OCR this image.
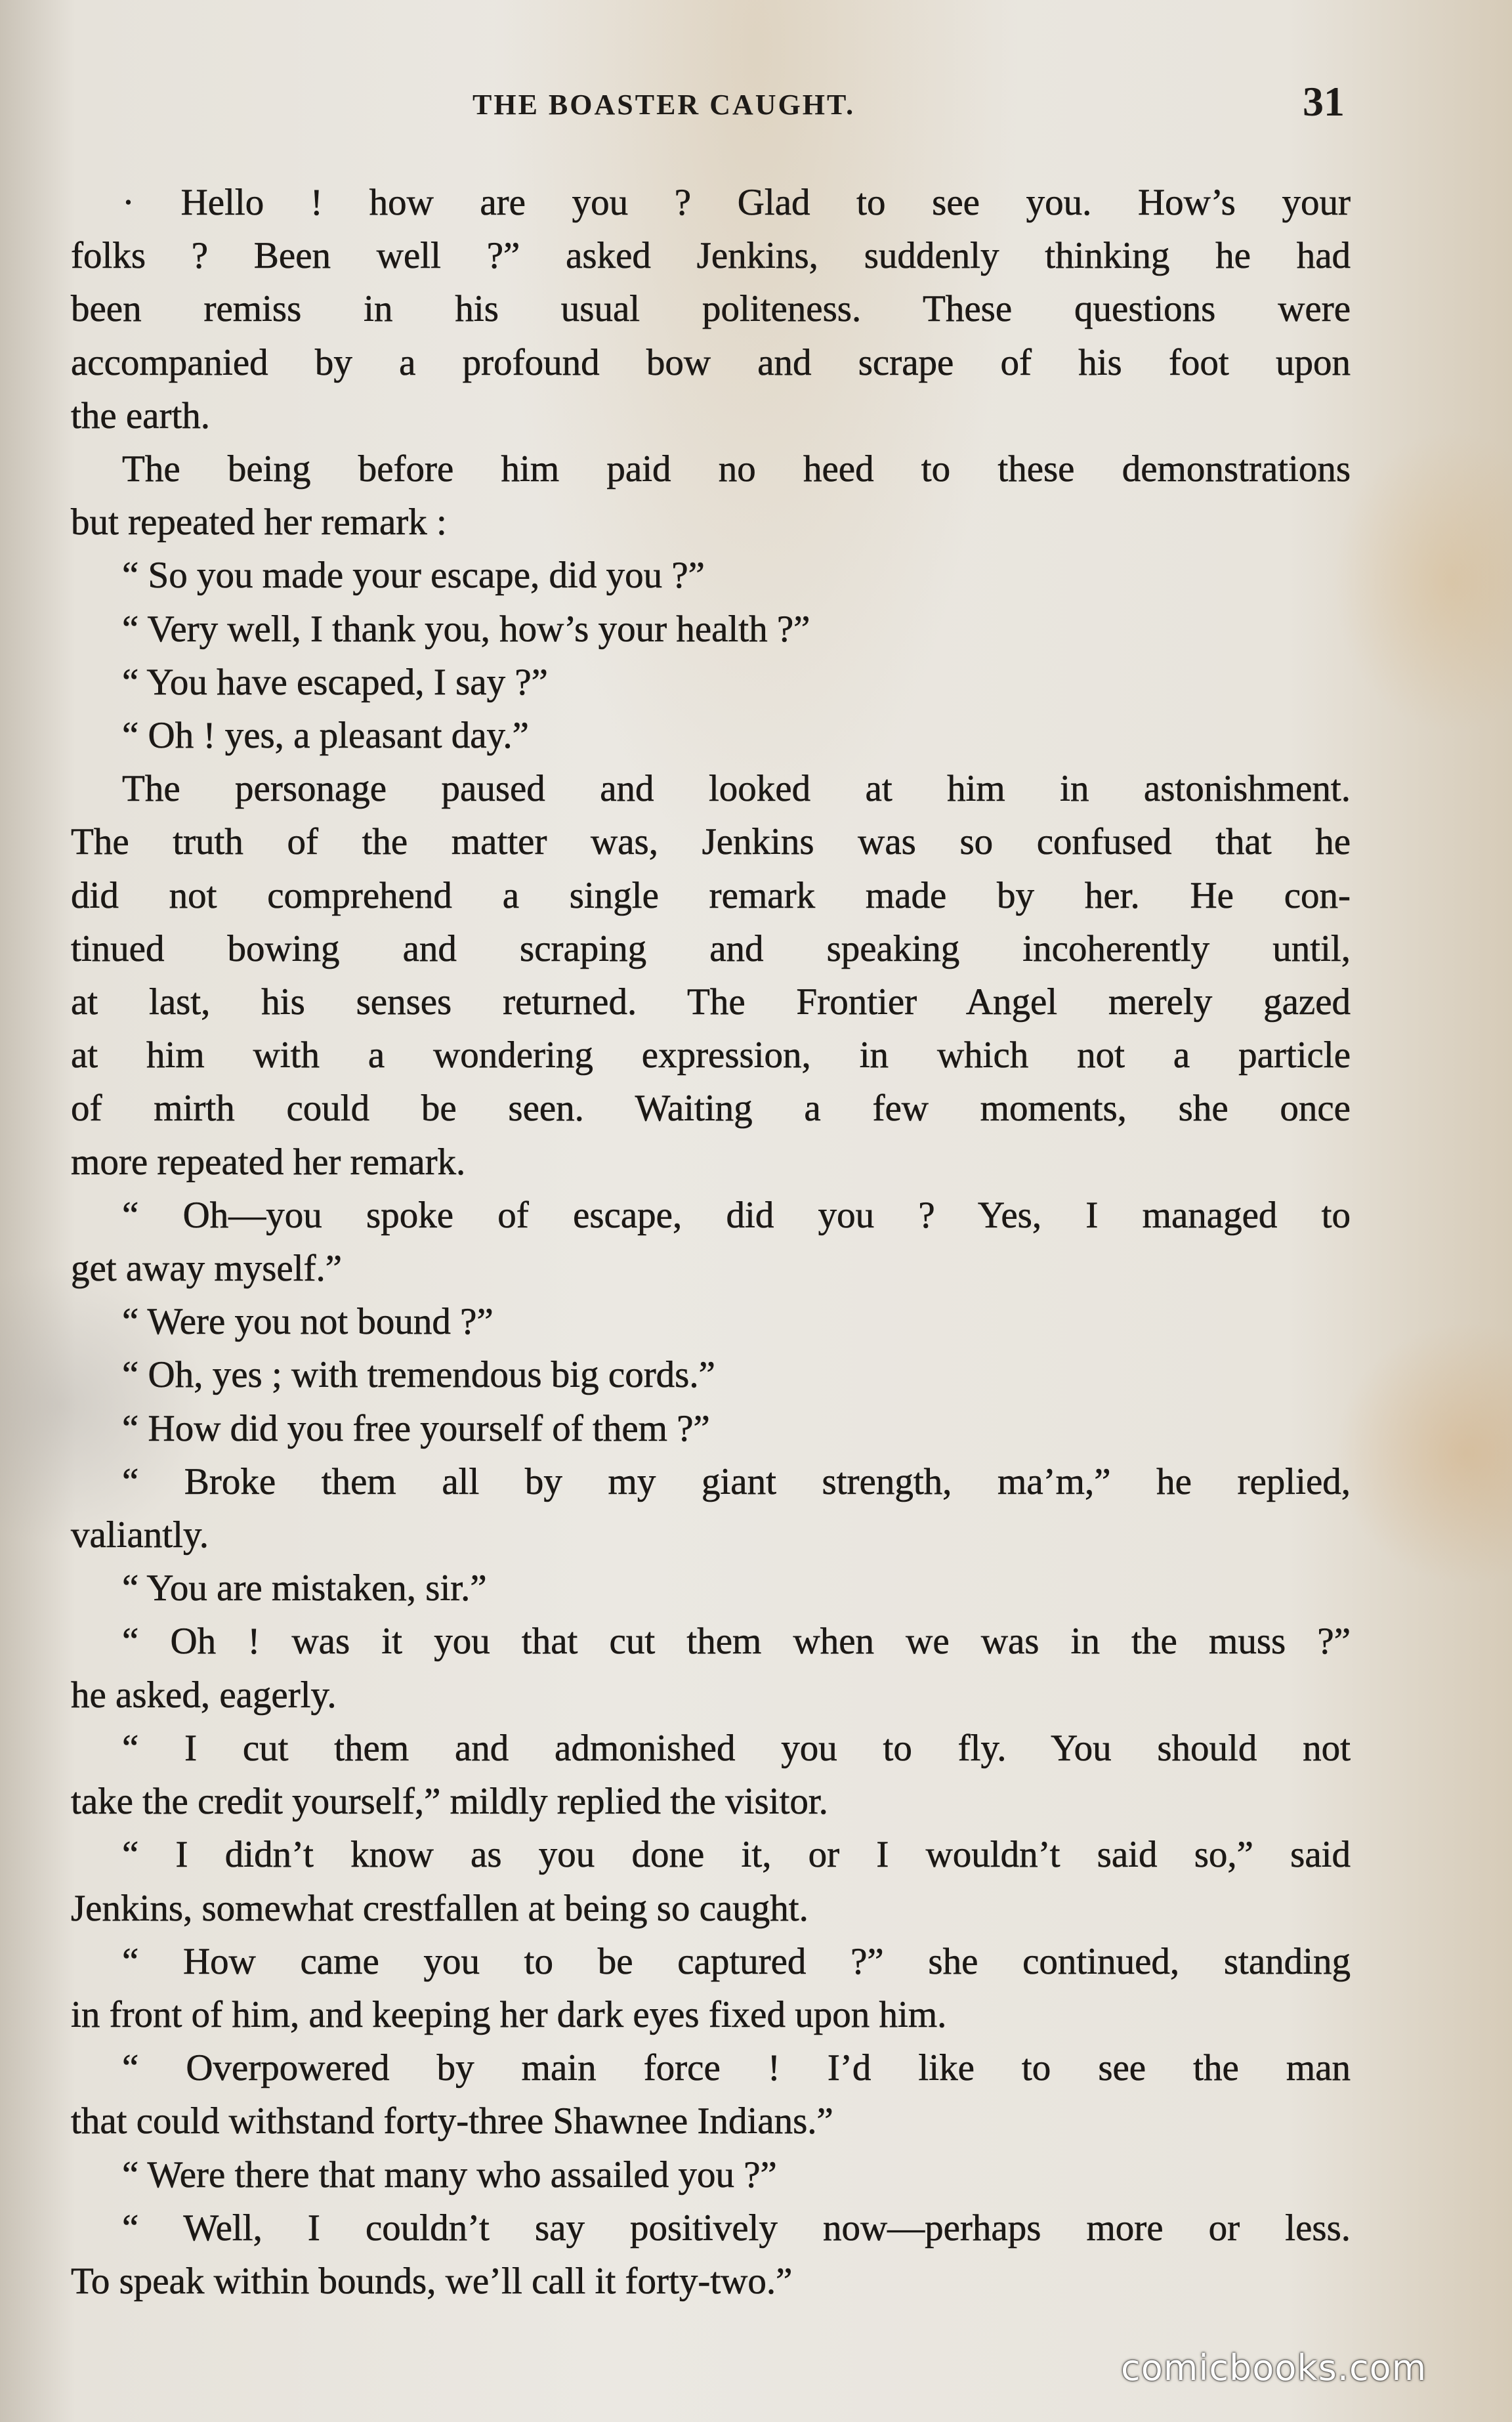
THE BOASTER CAUGHT.	31
· Hello ! how are you ? Glad to see you. How’s your
folks ? Been well ?” asked Jenkins, suddenly thinking he had
been remiss in his usual politeness. These questions were
accompanied by a profound bow and scrape of his foot upon
the earth.
The being before him paid no heed to these demonstrations
but repeated her remark :
“ So you made your escape, did you ?”
“ Very well, I thank you, how’s your health ?”
“ You have escaped, I say ?”
“ Oh ! yes, a pleasant day.”
The personage paused and looked at him in astonishment.
The truth of the matter was, Jenkins was so confused that he
did not comprehend a single remark made by her. He con-
tinued bowing and scraping and speaking incoherently until,
at last, his senses returned. The Frontier Angel merely gazed
at him with a wondering expression, in which not a particle
of mirth could be seen. Waiting a few moments, she once
more repeated her remark.
“ Oh—you spoke of escape, did you ? Yes, I managed to
get away myself.”
“ Were you not bound ?”
“ Oh, yes ; with tremendous big cords.”
“ How did you free yourself of them ?”
“ Broke them all by my giant strength, ma’m,” he replied,
valiantly.
“ You are mistaken, sir.”
“ Oh ! was it you that cut them when we was in the muss ?”
he asked, eagerly.
“ I cut them and admonished you to fly. You should not
take the credit yourself,” mildly replied the visitor.
“ I didn’t know as you done it, or I wouldn’t said so,” said
Jenkins, somewhat crestfallen at being so caught.
“ How came you to be captured ?” she continued, standing
in front of him, and keeping her dark eyes fixed upon him.
“ Overpowered by main force ! I’d like to see the man
that could withstand forty-three Shawnee Indians.”
“ Were there that many who assailed you ?”
“ Well, I couldn’t say positively now—perhaps more or less.
To speak within bounds, we’ll call it forty-two.”
comicbooks.com
